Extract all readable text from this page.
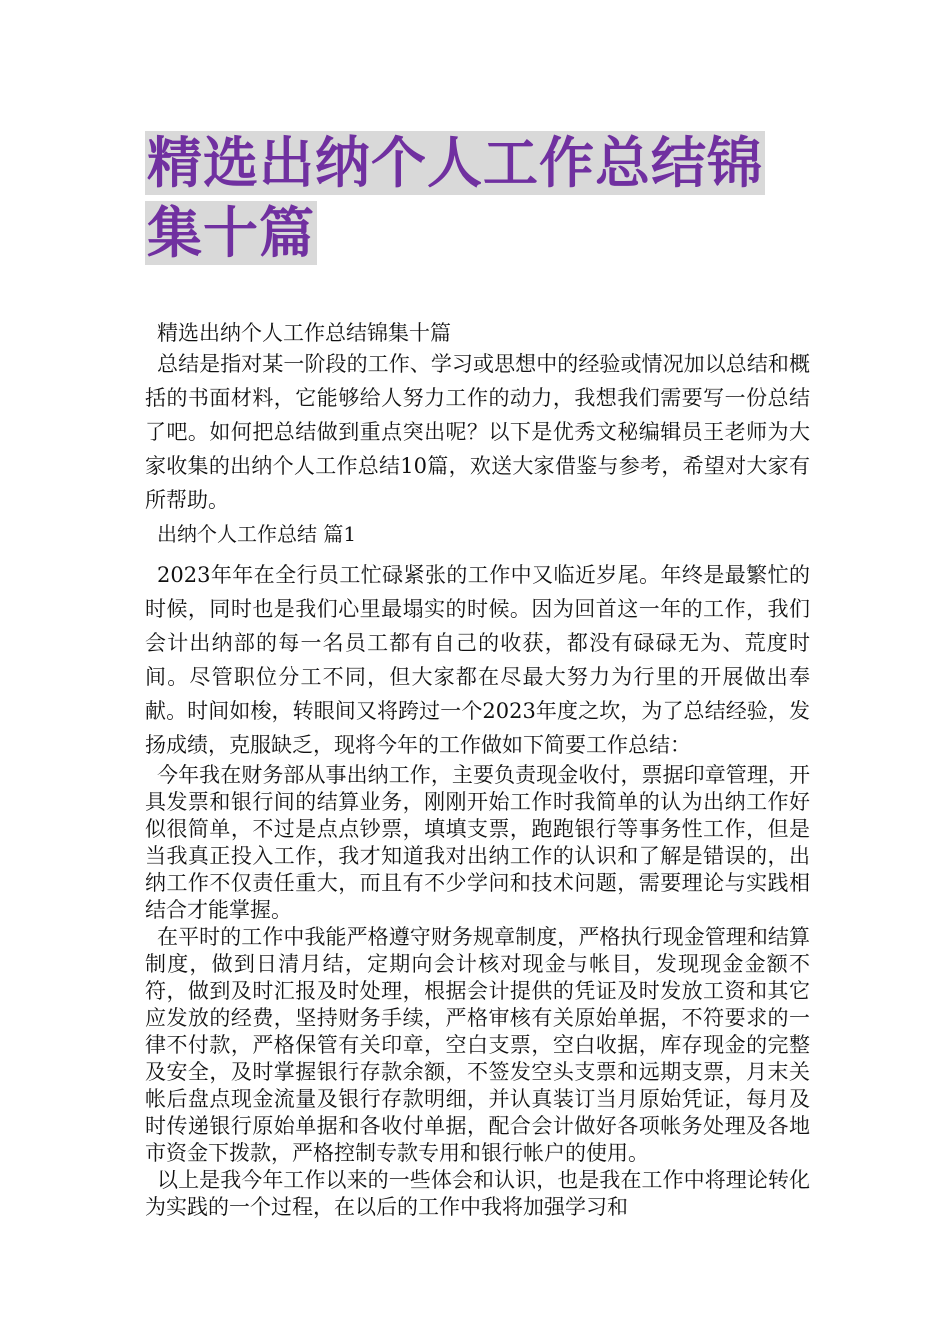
精选出纳个人工作总结锦集十篇

精选出纳个人工作总结锦集十篇

总结是指对某一阶段的工作、学习或思想中的经验或情况加以总结和概括的书面材料，它能够给人努力工作的动力，我想我们需要写一份总结了吧。如何把总结做到重点突出呢？以下是优秀文秘编辑员王老师为大家收集的出纳个人工作总结10篇，欢送大家借鉴与参考，希望对大家有所帮助。

出纳个人工作总结 篇1

2023年年在全行员工忙碌紧张的工作中又临近岁尾。年终是最繁忙的时候，同时也是我们心里最塌实的时候。因为回首这一年的工作，我们会计出纳部的每一名员工都有自己的收获，都没有碌碌无为、荒度时间。尽管职位分工不同，但大家都在尽最大努力为行里的开展做出奉献。时间如梭，转眼间又将跨过一个2023年度之坎，为了总结经验，发扬成绩，克服缺乏，现将今年的工作做如下简要工作总结：

今年我在财务部从事出纳工作，主要负责现金收付，票据印章管理，开具发票和银行间的结算业务，刚刚开始工作时我简单的认为出纳工作好似很简单，不过是点点钞票，填填支票，跑跑银行等事务性工作，但是当我真正投入工作，我才知道我对出纳工作的认识和了解是错误的，出纳工作不仅责任重大，而且有不少学问和技术问题，需要理论与实践相结合才能掌握。

在平时的工作中我能严格遵守财务规章制度，严格执行现金管理和结算制度，做到日清月结，定期向会计核对现金与帐目，发现现金金额不符，做到及时汇报及时处理，根据会计提供的凭证及时发放工资和其它应发放的经费，坚持财务手续，严格审核有关原始单据，不符要求的一律不付款，严格保管有关印章，空白支票，空白收据，库存现金的完整及安全，及时掌握银行存款余额，不签发空头支票和远期支票，月末关帐后盘点现金流量及银行存款明细，并认真装订当月原始凭证，每月及时传递银行原始单据和各收付单据，配合会计做好各项帐务处理及各地市资金下拨款，严格控制专款专用和银行帐户的使用。

以上是我今年工作以来的一些体会和认识，也是我在工作中将理论转化为实践的一个过程，在以后的工作中我将加强学习和
